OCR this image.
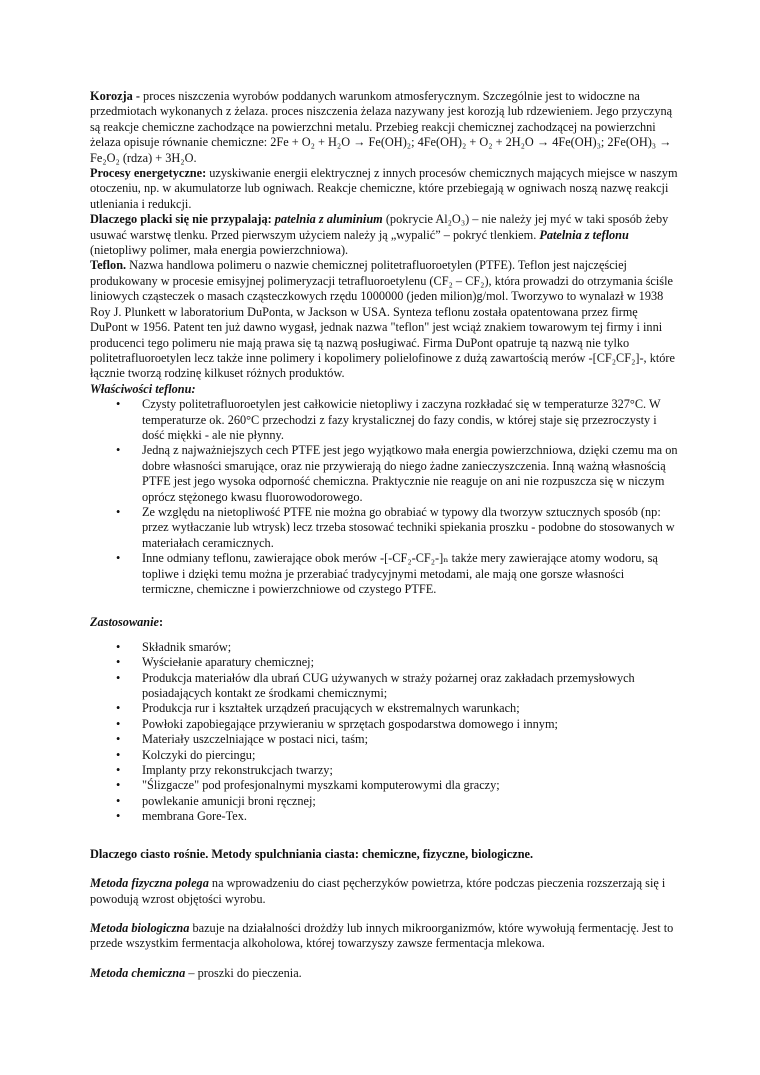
Korozja - proces niszczenia wyrobów poddanych warunkom atmosferycznym. Szczególnie jest to widoczne na przedmiotach wykonanych z żelaza. proces niszczenia żelaza nazywany jest korozją lub rdzewieniem. Jego przyczyną są reakcje chemiczne zachodzące na powierzchni metalu. Przebieg reakcji chemicznej zachodzącej na powierzchni żelaza opisuje równanie chemiczne: 2Fe + O₂ + H₂O → Fe(OH)₂; 4Fe(OH)₂ + O₂ + 2H₂O → 4Fe(OH)₃; 2Fe(OH)₃ → Fe₂O₂ (rdza) + 3H₂O.

Procesy energetyczne: uzyskiwanie energii elektrycznej z innych procesów chemicznych mających miejsce w naszym otoczeniu, np. w akumulatorze lub ogniwach. Reakcje chemiczne, które przebiegają w ogniwach noszą nazwę reakcji utleniania i redukcji.

Dlaczego placki się nie przypalają: patelnia z aluminium (pokrycie Al₂O₃) – nie należy jej myć w taki sposób żeby usuwać warstwę tlenku. Przed pierwszym użyciem należy ją „wypalić” – pokryć tlenkiem. Patelnia z teflonu (nietopliwy polimer, mała energia powierzchniowa).

Teflon. Nazwa handlowa polimeru o nazwie chemicznej politetrafluoroetylen (PTFE). Teflon jest najczęściej produkowany w procesie emisyjnej polimeryzacji tetrafluoroetylenu (CF₂ – CF₂), która prowadzi do otrzymania ściśle liniowych cząsteczek o masach cząsteczkowych rzędu 1000000 (jeden milion)g/mol. Tworzywo to wynalazł w 1938 Roy J. Plunkett w laboratorium DuPonta, w Jackson w USA. Synteza teflonu została opatentowana przez firmę DuPont w 1956. Patent ten już dawno wygasł, jednak nazwa "teflon" jest wciąż znakiem towarowym tej firmy i inni producenci tego polimeru nie mają prawa się tą nazwą posługiwać. Firma DuPont opatruje tą nazwą nie tylko politetrafluoroetylen lecz także inne polimery i kopolimery polielofinowe z dużą zawartością merów -[CF₂CF₂]-, które łącznie tworzą rodzinę kilkuset różnych produktów.

Właściwości teflonu:

• Czysty politetrafluoroetylen jest całkowicie nietopliwy i zaczyna rozkładać się w temperaturze 327°C. W temperaturze ok. 260°C przechodzi z fazy krystalicznej do fazy condis, w której staje się przezroczysty i dość miękki - ale nie płynny.
• Jedną z najważniejszych cech PTFE jest jego wyjątkowo mała energia powierzchniowa, dzięki czemu ma on dobre własności smarujące, oraz nie przywierają do niego żadne zanieczyszczenia. Inną ważną własnością PTFE jest jego wysoka odporność chemiczna. Praktycznie nie reaguje on ani nie rozpuszcza się w niczym oprócz stężonego kwasu fluorowodorowego.
• Ze względu na nietopliwość PTFE nie można go obrabiać w typowy dla tworzyw sztucznych sposób (np: przez wytłaczanie lub wtrysk) lecz trzeba stosować techniki spiekania proszku - podobne do stosowanych w materiałach ceramicznych.
• Inne odmiany teflonu, zawierające obok merów -[-CF₂-CF₂-]ₙ także mery zawierające atomy wodoru, są topliwe i dzięki temu można je przerabiać tradycyjnymi metodami, ale mają one gorsze własności termiczne, chemiczne i powierzchniowe od czystego PTFE.

Zastosowanie:

• Składnik smarów;
• Wyściełanie aparatury chemicznej;
• Produkcja materiałów dla ubrań CUG używanych w straży pożarnej oraz zakładach przemysłowych posiadających kontakt ze środkami chemicznymi;
• Produkcja rur i kształtek urządzeń pracujących w ekstremalnych warunkach;
• Powłoki zapobiegające przywieraniu w sprzętach gospodarstwa domowego i innym;
• Materiały uszczelniające w postaci nici, taśm;
• Kolczyki do piercingu;
• Implanty przy rekonstrukcjach twarzy;
• "Ślizgacze" pod profesjonalnymi myszkami komputerowymi dla graczy;
• powlekanie amunicji broni ręcznej;
• membrana Gore-Tex.

Dlaczego ciasto rośnie. Metody spulchniania ciasta: chemiczne, fizyczne, biologiczne.

Metoda fizyczna polega na wprowadzeniu do ciast pęcherzyków powietrza, które podczas pieczenia rozszerzają się i powodują wzrost objętości wyrobu.

Metoda biologiczna bazuje na działalności drożdży lub innych mikroorganizmów, które wywołują fermentację. Jest to przede wszystkim fermentacja alkoholowa, której towarzyszy zawsze fermentacja mlekowa.

Metoda chemiczna – proszki do pieczenia.
